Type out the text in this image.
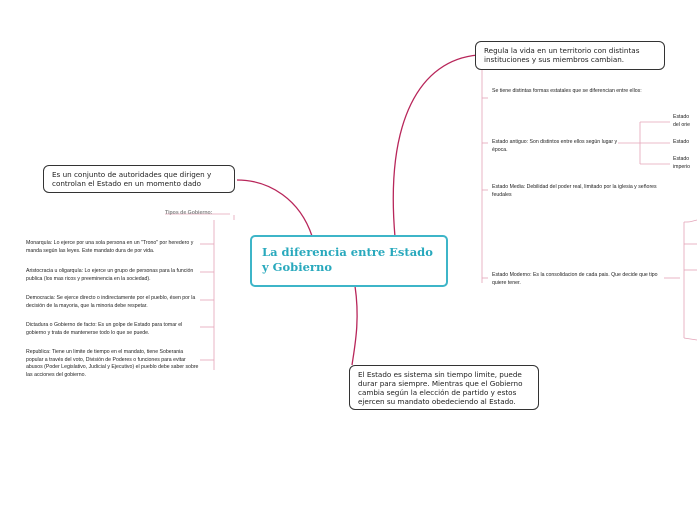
La diferencia entre Estado y Gobierno
Regula la vida en un territorio con distintas instituciones y sus miembros cambian.
Se tiene distintas formas estatales que se diferencian entre ellos:
Estado antiguo: Son distintos entre ellos según lugar y época.
Estado
del orie
Estado
Estado
imperio
Estado Media: Debilidad del poder real, limitado por la iglesia y señores feudales
Estado Moderno: Es la consolidacion de cada pais. Que decide que tipo quiere tener.
El Estado es sistema sin tiempo limite, puede durar para siempre. Mientras que el Gobierno cambia según la elección de partido y estos ejercen su mandato obedeciendo al Estado.
Es un conjunto de autoridades que dirigen y controlan el Estado en un momento dado
Tipos de Gobierno:
Monarquía: Lo ejerce por una sola persona en un "Trono" por heredero y manda según las leyes. Este mandato dura de por vida.
Aristocracia u oligarquía: Lo ejerce un grupo de personas para la función publica (los mas ricos y preeminencia en la sociedad).
Democracia: Se ejerce directo o indirectamente por el pueblo, ésen por la decisión de la mayoria, que la minoria debe respetar.
Dictadura o Gobierno de facto: Es un golpe de Estado para tomar el gobierno y trata de mantenerse todo lo que se puede.
Republica: Tiene un limite de tiempo en el mandato, tiene Soberania popular a través del voto, División de Poderes o funciones para evitar abusos (Poder Legislativo, Judicial y Ejecutivo) el pueblo debe saber sobre las acciones del gobierno.
